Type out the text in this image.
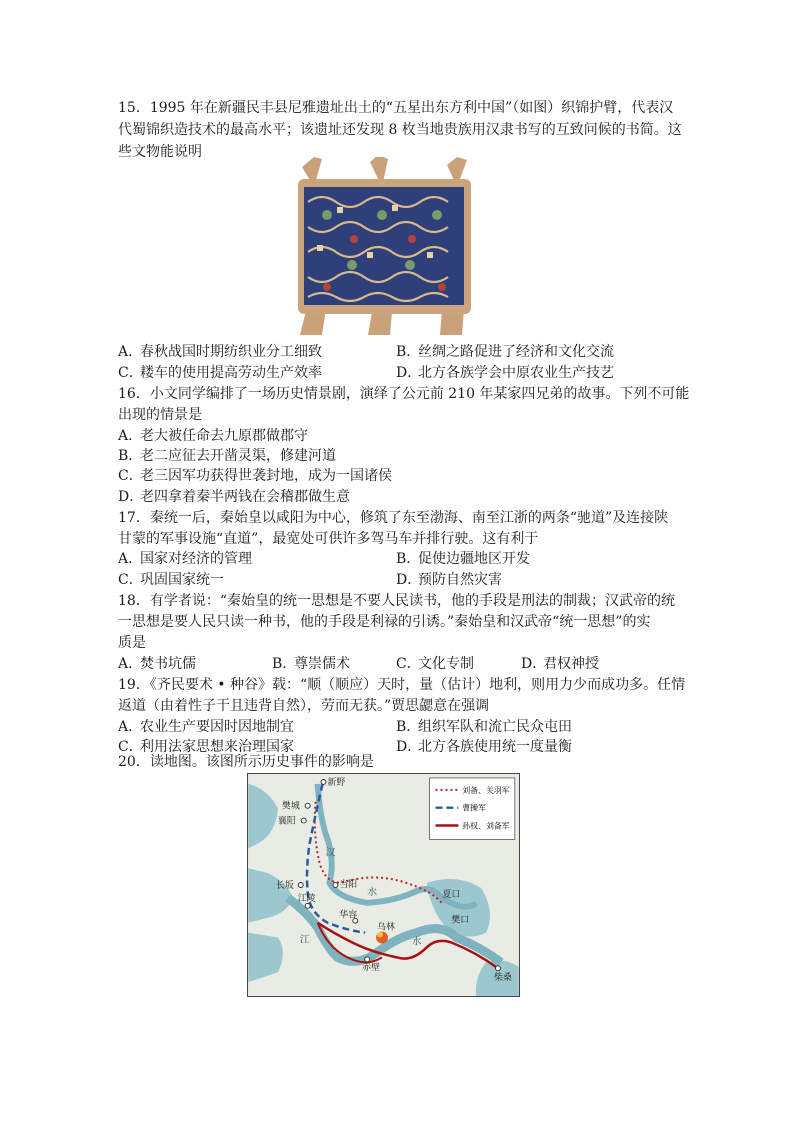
15．1995 年在新疆民丰县尼雅遗址出土的“五星出东方利中国”（如图）织锦护臂，代表汉
代蜀锦织造技术的最高水平；该遗址还发现 8 枚当地贵族用汉隶书写的互致问候的书简。这
些文物能说明
A．春秋战国时期纺织业分工细致	B．丝绸之路促进了经济和文化交流
C．耧车的使用提高劳动生产效率	D．北方各族学会中原农业生产技艺
16．小文同学编排了一场历史情景剧，演绎了公元前 210 年某家四兄弟的故事。下列不可能
出现的情景是
A．老大被任命去九原郡做郡守
B．老二应征去开凿灵渠，修建河道
C．老三因军功获得世袭封地，成为一国诸侯
D．老四拿着秦半两钱在会稽郡做生意
17．秦统一后，秦始皇以咸阳为中心，修筑了东至渤海、南至江浙的两条“驰道”及连接陕
甘蒙的军事设施“直道”，最宽处可供许多驾马车并排行驶。这有利于
A．国家对经济的管理	B．促使边疆地区开发
C．巩固国家统一	D．预防自然灾害
18．有学者说：“秦始皇的统一思想是不要人民读书，他的手段是刑法的制裁；汉武帝的统
一思想是要人民只读一种书，他的手段是利禄的引诱。”秦始皇和汉武帝“统一思想”的实
质是
A．焚书坑儒	B．尊崇儒术	C．文化专制	D．君权神授
19．《齐民要术 • 种谷》载：“顺（顺应）天时，量（估计）地利，则用力少而成功多。任情
返道（由着性子干且违背自然），劳而无获。”贾思勰意在强调
A．农业生产要因时因地制宜	B．组织军队和流亡民众屯田
C．利用法家思想来治理国家	D．北方各族使用统一度量衡
20．读地图。该图所示历史事件的影响是
刘备、关羽军
曹操军
孙权、刘备军
新野
樊城
襄阳
长坂	当阳
江陵
华容
乌林
赤壁
柴桑
夏口
樊口
汉
水
江	水
